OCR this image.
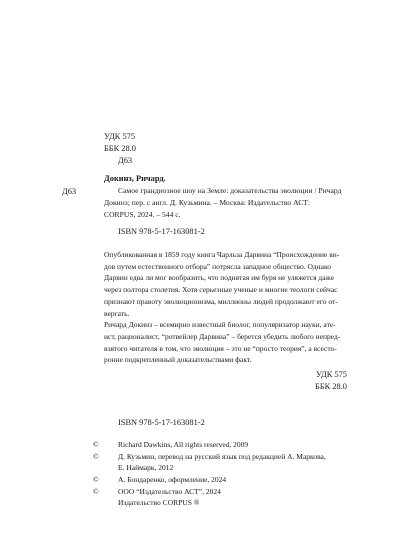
УДК 575
ББК 28.0
Д63
Докинз, Ричард.
Д63	Самое грандиозное шоу на Земле: доказательства эволюции / Ричард
Докинз; пер. с англ. Д. Кузьмина. – Москва: Издательство АСТ:
CORPUS, 2024. – 544 с.
ISBN 978-5-17-163081-2
Опубликованная в 1859 году книга Чарльза Дарвина “Происхождение ви-
дов путем естественного отбора” потрясла западное общество. Однако
Дарвин едва ли мог вообразить, что поднятая им буря не уляжется даже
через полтора столетия. Хотя серьезные ученые и многие теологи сейчас
признают правоту эволюционизма, миллионы людей продолжают его от-
вергать.
Ричард Докинз – всемирно известный биолог, популяризатор науки, ате-
ист, рационалист, “ротвейлер Дарвина” – берется убедить любого непред-
взятого читателя в том, что эволюция – это не “просто теория”, а всесто-
ронне подкрепленный доказательствами факт.
УДК 575
ББК 28.0
ISBN 978-5-17-163081-2
©	Richard Dawkins, All rights reserved, 2009
©	Д. Кузьмин, перевод на русский язык под редакцией А. Маркова,
Е. Наймарк, 2012
©	А. Бондаренко, оформление, 2024
©	ООО “Издательство АСТ”, 2024
Издательство CORPUS ®
